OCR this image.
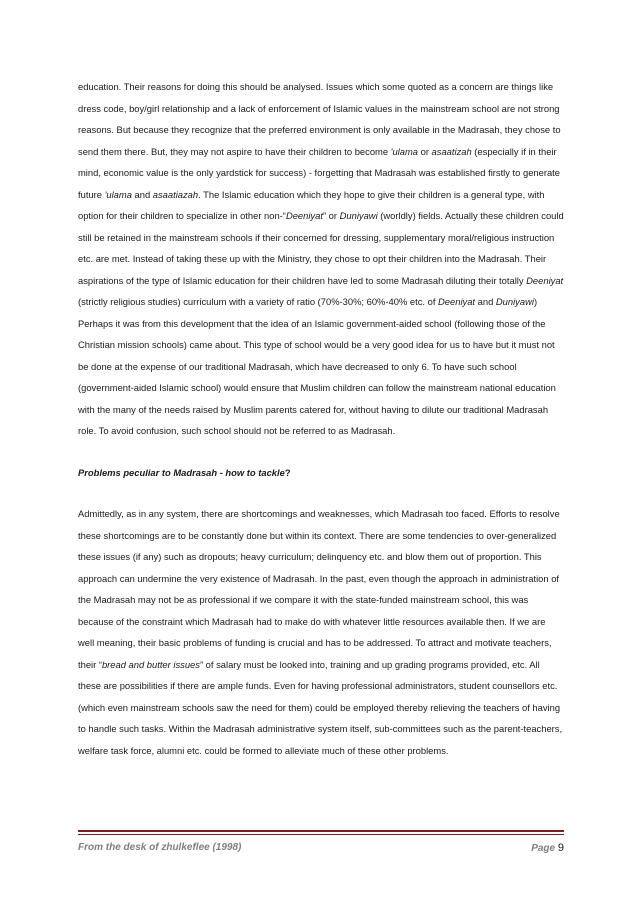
education. Their reasons for doing this should be analysed. Issues which some quoted as a concern are things like dress code, boy/girl relationship and a lack of enforcement of Islamic values in the mainstream school are not strong reasons. But because they recognize that the preferred environment is only available in the Madrasah, they chose to send them there. But, they may not aspire to have their children to become 'ulama or asaatizah (especially if in their mind, economic value is the only yardstick for success) - forgetting that Madrasah was established firstly to generate future 'ulama and asaatiazah. The Islamic education which they hope to give their children is a general type, with option for their children to specialize in other non-“Deeniyat” or Duniyawi (worldly) fields. Actually these children could still be retained in the mainstream schools if their concerned for dressing, supplementary moral/religious instruction etc. are met. Instead of taking these up with the Ministry, they chose to opt their children into the Madrasah. Their aspirations of the type of Islamic education for their children have led to some Madrasah diluting their totally Deeniyat (strictly religious studies) curriculum with a variety of ratio (70%-30%; 60%-40% etc. of Deeniyat and Duniyawi) Perhaps it was from this development that the idea of an Islamic government-aided school (following those of the Christian mission schools) came about. This type of school would be a very good idea for us to have but it must not be done at the expense of our traditional Madrasah, which have decreased to only 6. To have such school (government-aided Islamic school) would ensure that Muslim children can follow the mainstream national education with the many of the needs raised by Muslim parents catered for, without having to dilute our traditional Madrasah role. To avoid confusion, such school should not be referred to as Madrasah.

Problems peculiar to Madrasah - how to tackle?

Admittedly, as in any system, there are shortcomings and weaknesses, which Madrasah too faced. Efforts to resolve these shortcomings are to be constantly done but within its context. There are some tendencies to over-generalized these issues (if any) such as dropouts; heavy curriculum; delinquency etc. and blow them out of proportion. This approach can undermine the very existence of Madrasah. In the past, even though the approach in administration of the Madrasah may not be as professional if we compare it with the state-funded mainstream school, this was because of the constraint which Madrasah had to make do with whatever little resources available then. If we are well meaning, their basic problems of funding is crucial and has to be addressed. To attract and motivate teachers, their “bread and butter issues” of salary must be looked into, training and up grading programs provided, etc. All these are possibilities if there are ample funds. Even for having professional administrators, student counsellors etc. (which even mainstream schools saw the need for them) could be employed thereby relieving the teachers of having to handle such tasks. Within the Madrasah administrative system itself, sub-committees such as the parent-teachers, welfare task force, alumni etc. could be formed to alleviate much of these other problems.

From the desk of zhulkeflee (1998)	Page 9
